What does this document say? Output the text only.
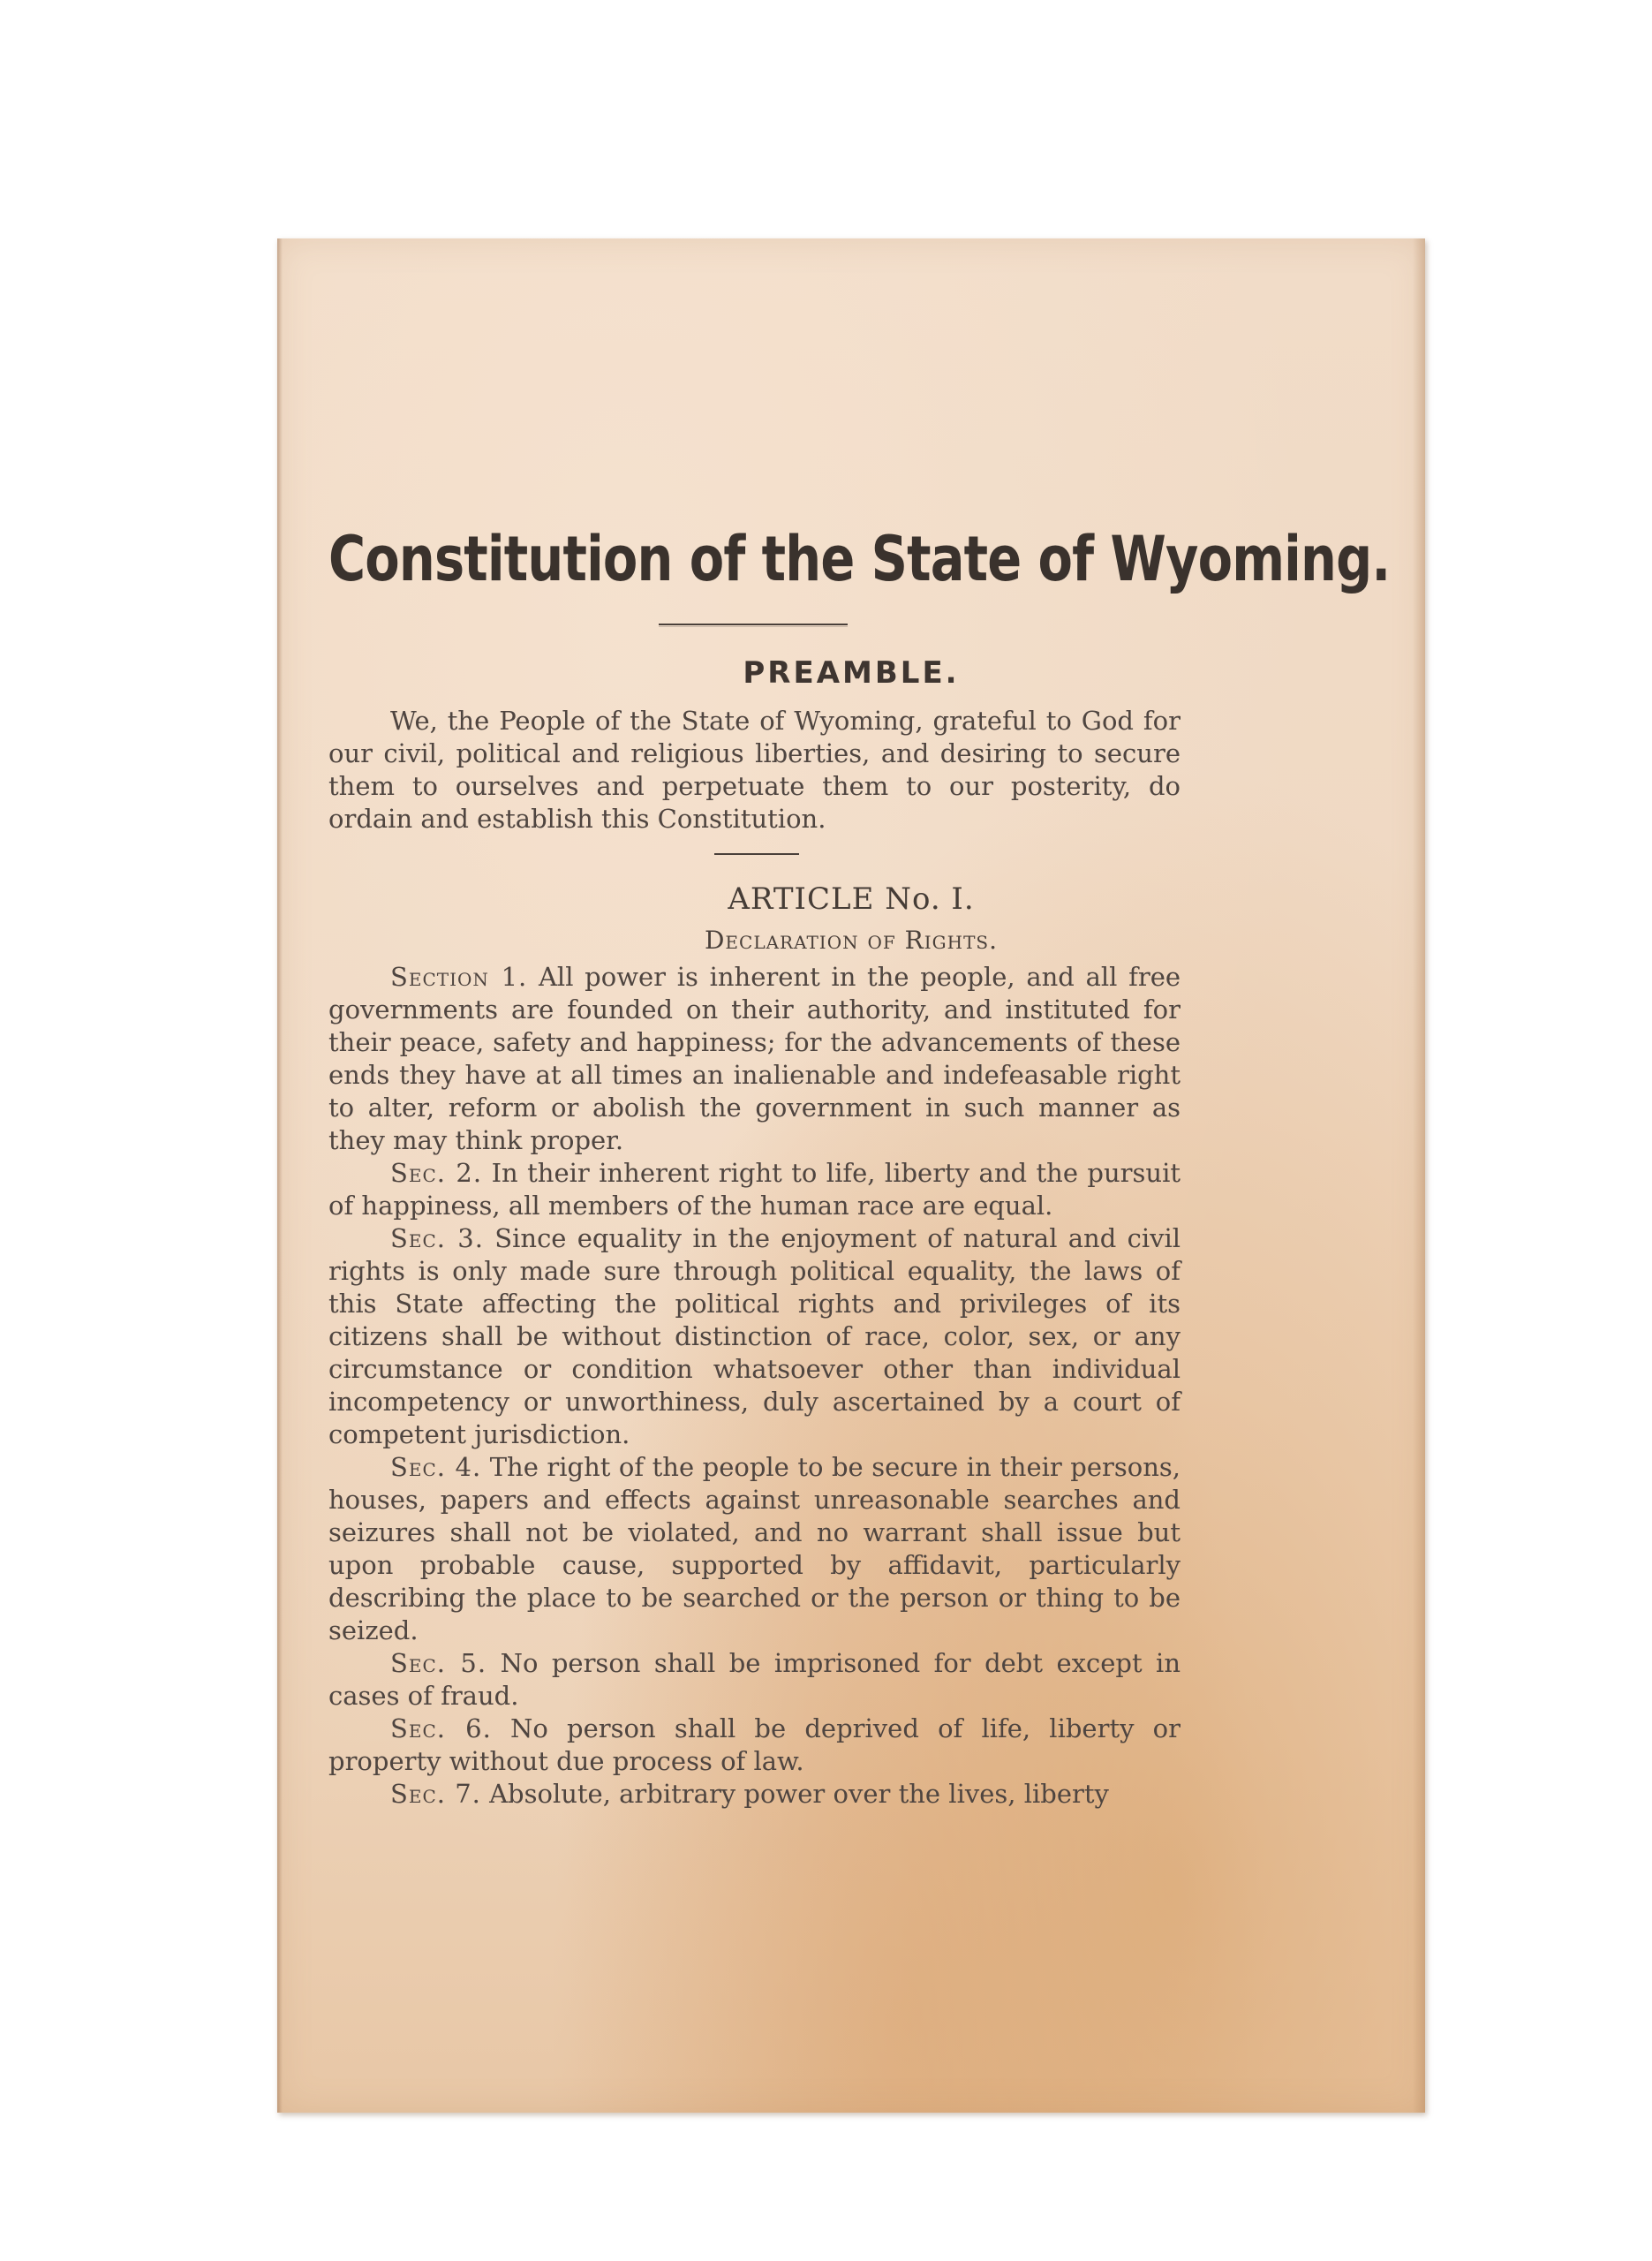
Constitution of the State of Wyoming.
PREAMBLE.

We, the People of the State of Wyoming, grateful to God for our civil, political and religious liberties, and desiring to secure them to ourselves and perpetuate them to our posterity, do ordain and establish this Constitution.

ARTICLE No. I.
Declaration of Rights.

Section 1. All power is inherent in the people, and all free governments are founded on their authority, and instituted for their peace, safety and happiness; for the advancements of these ends they have at all times an inalienable and indefeasable right to alter, reform or abolish the government in such manner as they may think proper.

Sec. 2. In their inherent right to life, liberty and the pursuit of happiness, all members of the human race are equal.

Sec. 3. Since equality in the enjoyment of natural and civil rights is only made sure through political equality, the laws of this State affecting the political rights and privileges of its citizens shall be without distinction of race, color, sex, or any circumstance or condition whatsoever other than individual incompetency or unworthiness, duly ascertained by a court of competent jurisdiction.

Sec. 4. The right of the people to be secure in their persons, houses, papers and effects against unreasonable searches and seizures shall not be violated, and no warrant shall issue but upon probable cause, supported by affidavit, particularly describing the place to be searched or the person or thing to be seized.

Sec. 5. No person shall be imprisoned for debt except in cases of fraud.

Sec. 6. No person shall be deprived of life, liberty or property without due process of law.

Sec. 7. Absolute, arbitrary power over the lives, liberty
